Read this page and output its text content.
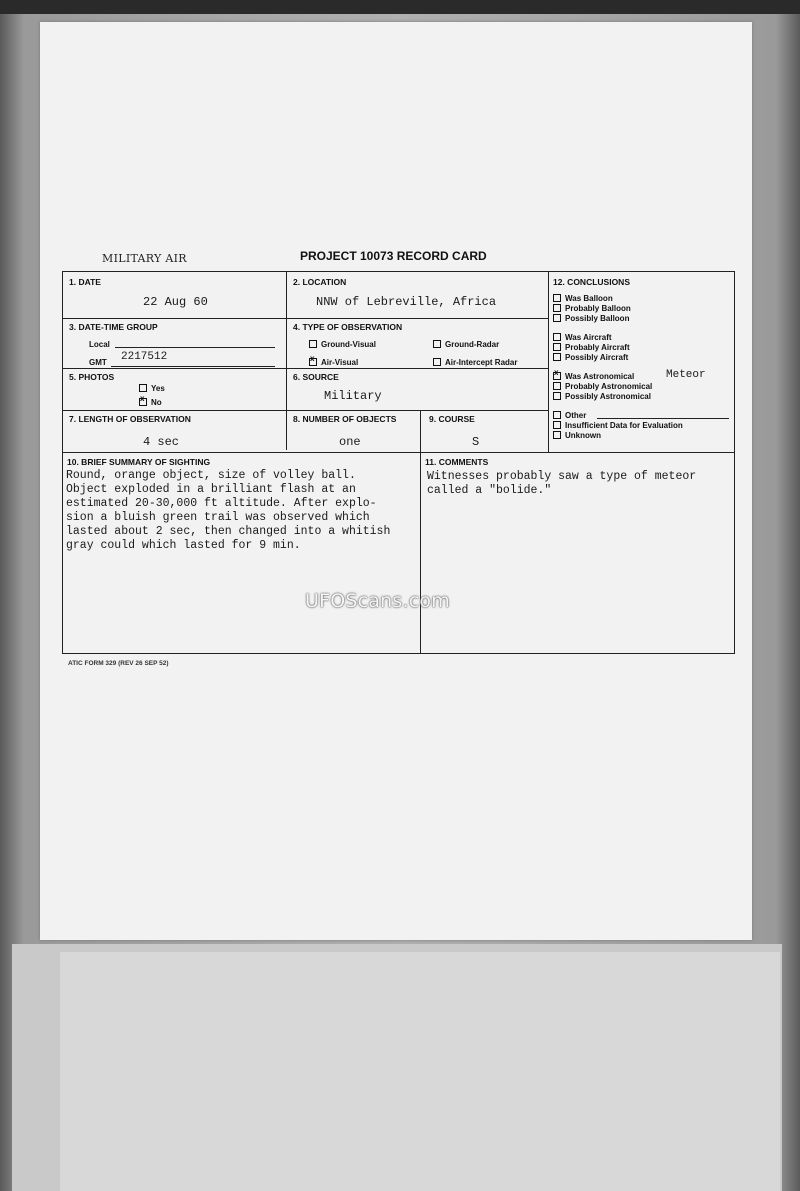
MILITARY AIR	PROJECT 10073 RECORD CARD
1. DATE
22 Aug 60
2. LOCATION
NNW of Lebreville, Africa
3. DATE-TIME GROUP
Local
GMT 2217512
4. TYPE OF OBSERVATION
Ground-Visual	Ground-Radar
xAir-Visual	Air-Intercept Radar
5. PHOTOS
Yes
xNo
6. SOURCE
Military
7. LENGTH OF OBSERVATION
4 sec
8. NUMBER OF OBJECTS
one
9. COURSE
S
12. CONCLUSIONS
Was Balloon
Probably Balloon
Possibly Balloon
Was Aircraft
Probably Aircraft
Possibly Aircraft
xWas Astronomical	Meteor
Probably Astronomical
Possibly Astronomical
Other
Insufficient Data for Evaluation
Unknown
10. BRIEF SUMMARY OF SIGHTING
Round, orange object, size of volley ball.
Object exploded in a brilliant flash at an
estimated 20-30,000 ft altitude. After explo-
sion a bluish green trail was observed which
lasted about 2 sec, then changed into a whitish
gray could which lasted for 9 min.
11. COMMENTS
Witnesses probably saw a type of meteor
called a "bolide."
UFOScans.com
ATIC FORM 329 (REV 26 SEP 52)
